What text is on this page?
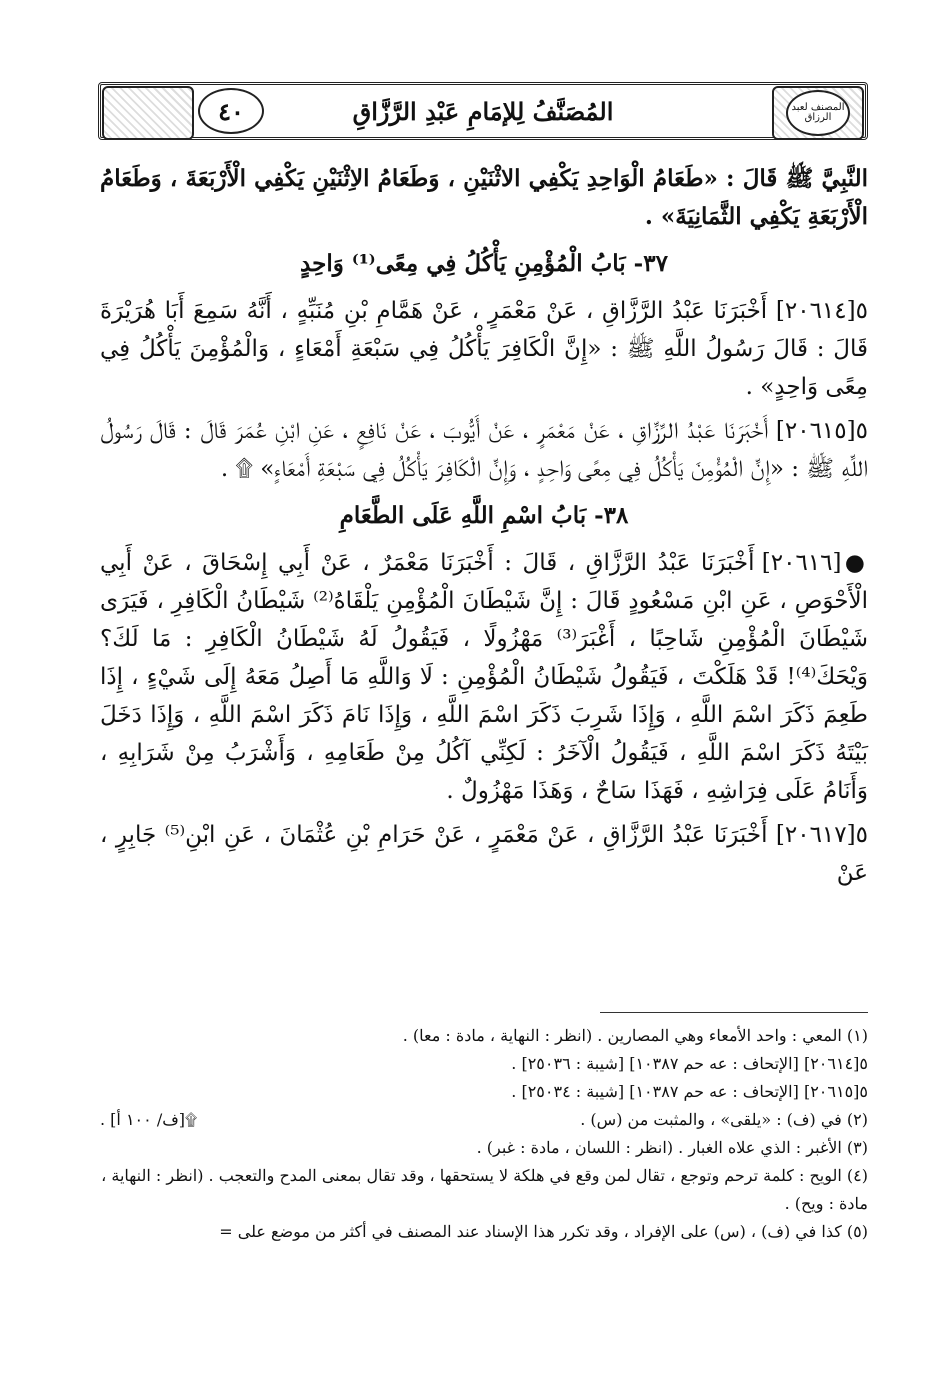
٤٠	المُصَنَّفُ لِلإمَامِ عَبْدِ الرَّزَّاقِ	المصنف لعبد الرزاق

النَّبِيَّ ﷺ قَالَ : «طَعَامُ الْوَاحِدِ يَكْفِي الاثْنَيْنِ ، وَطَعَامُ الاِثْنَيْنِ يَكْفِي الْأَرْبَعَةَ ، وَطَعَامُ الْأَرْبَعَةِ يَكْفِي الثَّمَانِيَةَ» .

٣٧- بَابُ الْمُؤْمِنِ يَأْكُلُ فِي مِعًى⁽¹⁾ وَاحِدٍ

٥[٢٠٦١٤] أَخْبَرَنَا عَبْدُ الرَّزَّاقِ ، عَنْ مَعْمَرٍ ، عَنْ هَمَّامِ بْنِ مُنَبِّهٍ ، أَنَّهُ سَمِعَ أَبَا هُرَيْرَةَ قَالَ : قَالَ رَسُولُ اللَّهِ ﷺ : «إِنَّ الْكَافِرَ يَأْكُلُ فِي سَبْعَةِ أَمْعَاءٍ ، وَالْمُؤْمِنَ يَأْكُلُ فِي مِعًى وَاحِدٍ» .

٥[٢٠٦١٥] أَخْبَرَنَا عَبْدُ الرَّزَّاقِ ، عَنْ مَعْمَرٍ ، عَنْ أَيُّوبَ ، عَنْ نَافِعٍ ، عَنِ ابْنِ عُمَرَ قَالَ : قَالَ رَسُولُ اللَّهِ ﷺ : «إِنَّ الْمُؤْمِنَ يَأْكُلُ فِي مِعًى وَاحِدٍ ، وَإِنَّ الْكَافِرَ يَأْكُلُ فِي سَبْعَةِ أَمْعَاءٍ» ۩ .

٣٨- بَابُ اسْمِ اللَّهِ عَلَى الطَّعَامِ

●[٢٠٦١٦] أَخْبَرَنَا عَبْدُ الرَّزَّاقِ ، قَالَ : أَخْبَرَنَا مَعْمَرٌ ، عَنْ أَبِي إِسْحَاقَ ، عَنْ أَبِي الْأَحْوَصِ ، عَنِ ابْنِ مَسْعُودٍ قَالَ : إِنَّ شَيْطَانَ الْمُؤْمِنِ يَلْقَاهُ⁽²⁾ شَيْطَانُ الْكَافِرِ ، فَيَرَى شَيْطَانَ الْمُؤْمِنِ شَاحِبًا ، أَغْبَرَ⁽³⁾ مَهْزُولًا ، فَيَقُولُ لَهُ شَيْطَانُ الْكَافِرِ : مَا لَكَ؟ وَيْحَكَ⁽⁴⁾! قَدْ هَلَكْتَ ، فَيَقُولُ شَيْطَانُ الْمُؤْمِنِ : لَا وَاللَّهِ مَا أَصِلُ مَعَهُ إِلَى شَيْءٍ ، إِذَا طَعِمَ ذَكَرَ اسْمَ اللَّهِ ، وَإِذَا شَرِبَ ذَكَرَ اسْمَ اللَّهِ ، وَإِذَا نَامَ ذَكَرَ اسْمَ اللَّهِ ، وَإِذَا دَخَلَ بَيْتَهُ ذَكَرَ اسْمَ اللَّهِ ، فَيَقُولُ الْآخَرُ : لَكِنِّي آكُلُ مِنْ طَعَامِهِ ، وَأَشْرَبُ مِنْ شَرَابِهِ ، وَأَنَامُ عَلَى فِرَاشِهِ ، فَهَذَا سَاحٌ ، وَهَذَا مَهْزُولٌ .

٥[٢٠٦١٧] أَخْبَرَنَا عَبْدُ الرَّزَّاقِ ، عَنْ مَعْمَرٍ ، عَنْ حَرَامِ بْنِ عُثْمَانَ ، عَنِ ابْنِ⁽⁵⁾ جَابِرٍ ، عَنْ

(١) المعي : واحد الأمعاء وهي المصارين . (انظر : النهاية ، مادة : معا) .

٥[٢٠٦١٤] [الإتحاف : عه حم ١٠٣٨٧] [شيبة : ٢٥٠٣٦] .

٥[٢٠٦١٥] [الإتحاف : عه حم ١٠٣٨٧] [شيبة : ٢٥٠٣٤] .

(٢) في (ف) : «يلقى» ، والمثبت من (س) .
۩[ف/ ١٠٠ أ] .

(٣) الأغبر : الذي علاه الغبار . (انظر : اللسان ، مادة : غبر) .

(٤) الويح : كلمة ترحم وتوجع ، تقال لمن وقع في هلكة لا يستحقها ، وقد تقال بمعنى المدح والتعجب . (انظر : النهاية ، مادة : ويح) .

(٥) كذا في (ف) ، (س) على الإفراد ، وقد تكرر هذا الإسناد عند المصنف في أكثر من موضع على =
